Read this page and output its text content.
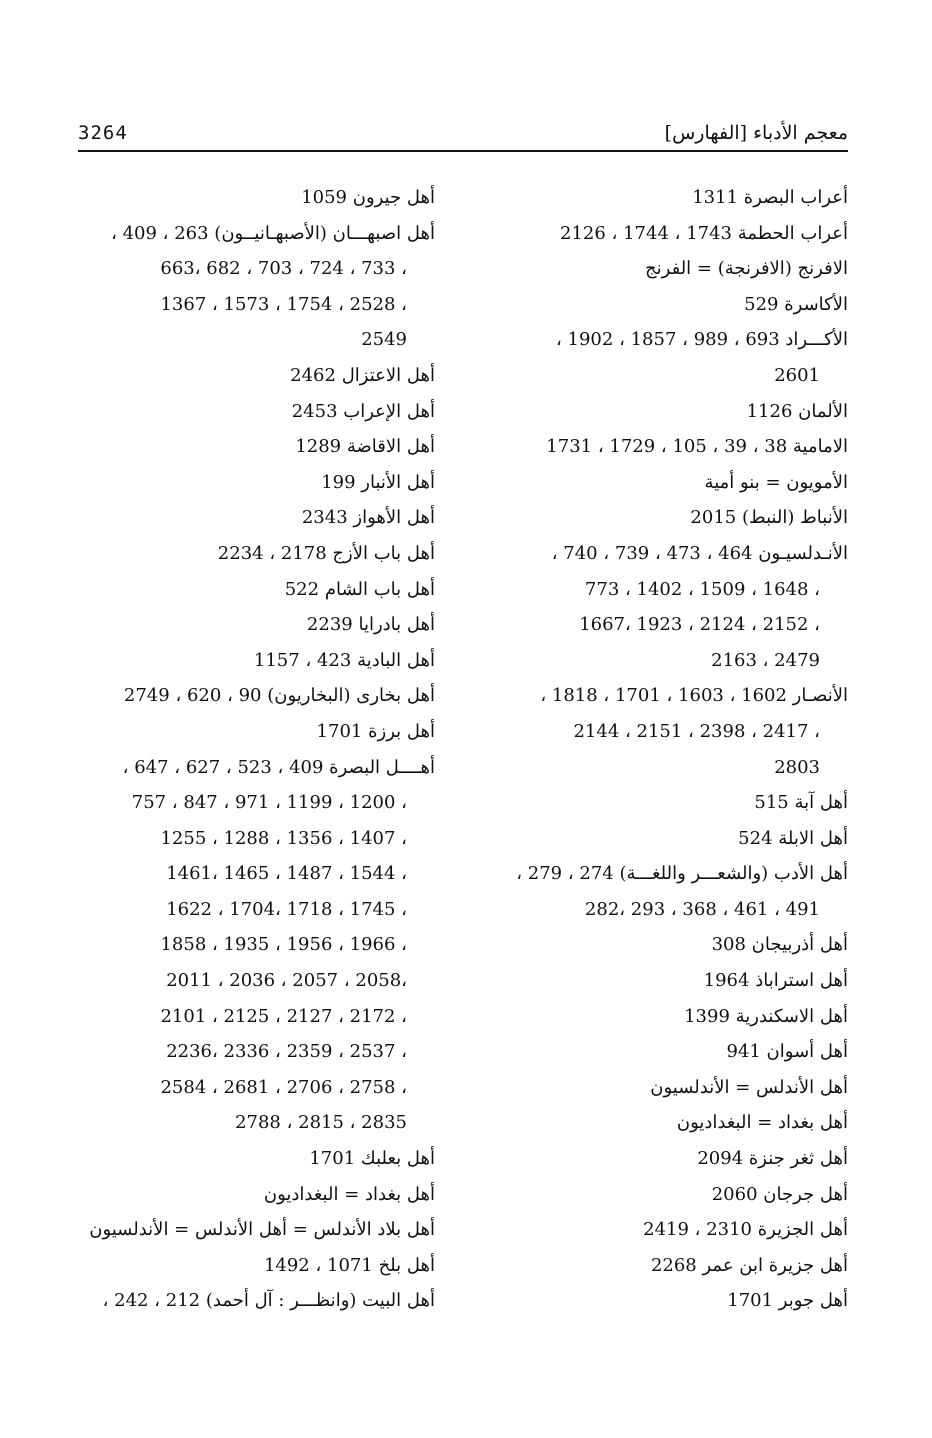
معجم الأدباء [الفهارس]
3264
أعراب البصرة 1311
أعراب الحطمة 1743 ، 1744 ، 2126
الافرنج (الافرنجة) = الفرنج
الأكاسرة 529
الأكـــراد 693 ، 989 ، 1857 ، 1902 ،
2601
الألمان 1126
الامامية 38 ، 39 ، 105 ، 1729 ، 1731
الأمويون = بنو أمية
الأنباط (النبط) 2015
الأنـدلسيـون 464 ، 473 ، 739 ، 740 ،
773 ، 1402 ، 1509 ، 1648 ،
1667، 1923 ، 2124 ، 2152 ،
2163 ، 2479
الأنصـار 1602 ، 1603 ، 1701 ، 1818 ،
2144 ، 2151 ، 2398 ، 2417 ،
2803
أهل آبة 515
أهل الابلة 524
أهل الأدب (والشعـــر واللغـــة) 274 ، 279 ،
282، 293 ، 368 ، 461 ، 491
أهل أذربيجان 308
أهل استراباذ 1964
أهل الاسكندرية 1399
أهل أسوان 941
أهل الأندلس = الأندلسيون
أهل بغداد = البغداديون
أهل ثغر جنزة 2094
أهل جرجان 2060
أهل الجزيرة 2310 ، 2419
أهل جزيرة ابن عمر 2268
أهل جوبر 1701
أهل جيرون 1059
أهل اصبهـــان (الأصبهـانيــون) 263 ، 409 ،
663، 682 ، 703 ، 724 ، 733 ،
1367 ، 1573 ، 1754 ، 2528 ،
2549
أهل الاعتزال 2462
أهل الإعراب 2453
أهل الاقاضة 1289
أهل الأنبار 199
أهل الأهواز 2343
أهل باب الأزج 2178 ، 2234
أهل باب الشام 522
أهل بادرايا 2239
أهل البادية 423 ، 1157
أهل بخارى (البخاريون) 90 ، 620 ، 2749
أهل برزة 1701
أهــــل البصرة 409 ، 523 ، 627 ، 647 ،
757 ، 847 ، 971 ، 1199 ، 1200 ،
1255 ، 1288 ، 1356 ، 1407 ،
1461، 1465 ، 1487 ، 1544 ،
1622 ، 1704، 1718 ، 1745 ،
1858 ، 1935 ، 1956 ، 1966 ،
2011 ، 2036 ، 2057 ، 2058،
2101 ، 2125 ، 2127 ، 2172 ،
2236، 2336 ، 2359 ، 2537 ،
2584 ، 2681 ، 2706 ، 2758 ،
2788 ، 2815 ، 2835
أهل بعلبك 1701
أهل بغداد = البغداديون
أهل بلاد الأندلس = أهل الأندلس = الأندلسيون
أهل بلخ 1071 ، 1492
أهل البيت (وانظـــر : آل أحمد) 212 ، 242 ،
